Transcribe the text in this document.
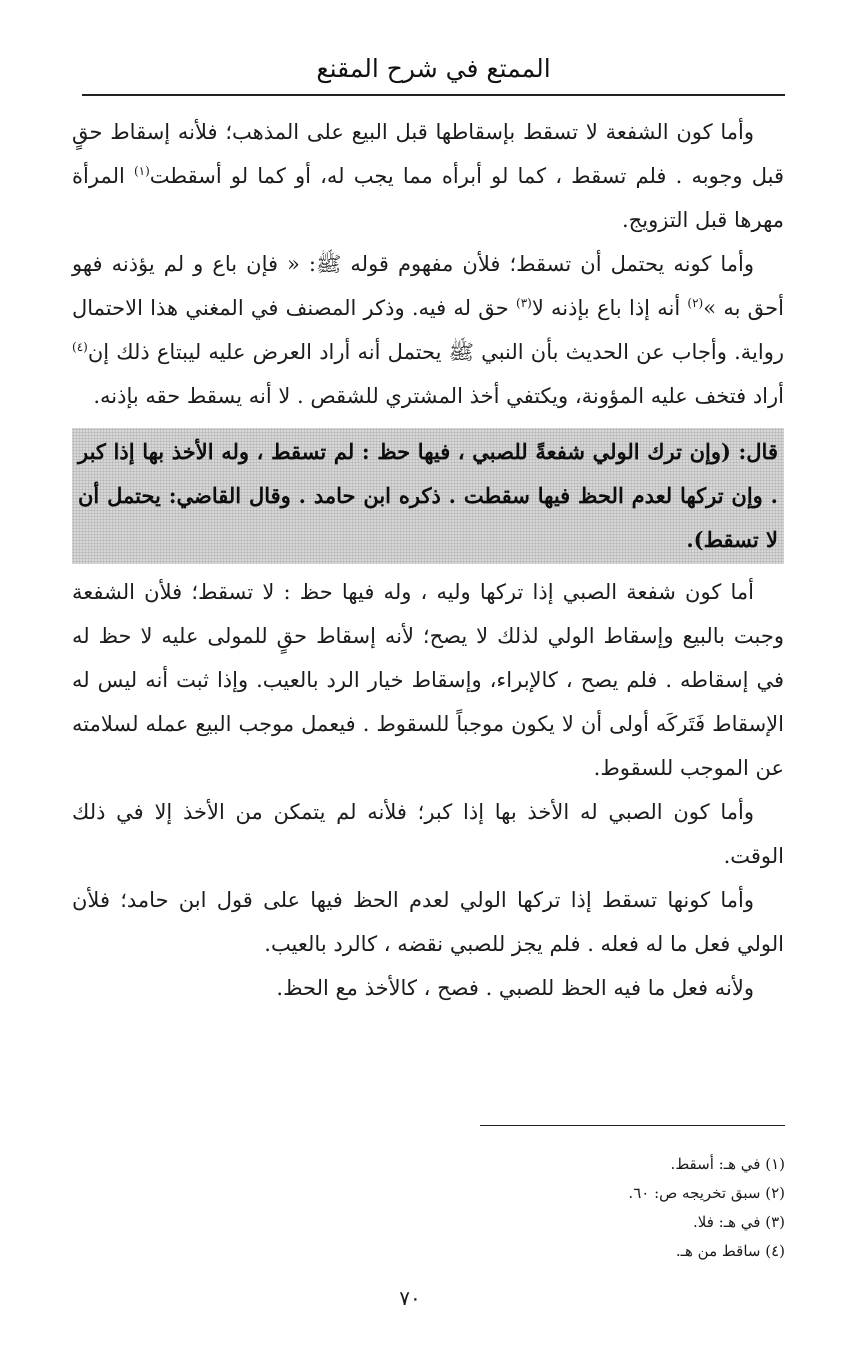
الممتع في شرح المقنع

وأما كون الشفعة لا تسقط بإسقاطها قبل البيع على المذهب؛ فلأنه إسقاط حقٍ قبل وجوبه . فلم تسقط ، كما لو أبرأه مما يجب له، أو كما لو أسقطت$^{(١)}$ المرأة مهرها قبل التزويج.

وأما كونه يحتمل أن تسقط؛ فلأن مفهوم قوله ﷺ: « فإن باع و لم يؤذنه فهو أحق به »$^{(٢)}$ أنه إذا باع بإذنه لا$^{(٣)}$ حق له فيه. وذكر المصنف في المغني هذا الاحتمال رواية. وأجاب عن الحديث بأن النبي ﷺ يحتمل أنه أراد العرض عليه ليبتاع ذلك إن$^{(٤)}$ أراد فتخف عليه المؤونة، ويكتفي أخذ المشتري للشقص . لا أنه يسقط حقه بإذنه.

قال: (وإن ترك الولي شفعةً للصبي ، فيها حظ : لم تسقط ، وله الأخذ بها إذا كبر . وإن تركها لعدم الحظ فيها سقطت . ذكره ابن حامد . وقال القاضي: يحتمل أن لا تسقط).

أما كون شفعة الصبي إذا تركها وليه ، وله فيها حظ : لا تسقط؛ فلأن الشفعة وجبت بالبيع وإسقاط الولي لذلك لا يصح؛ لأنه إسقاط حقٍ للمولى عليه لا حظ له في إسقاطه . فلم يصح ، كالإبراء، وإسقاط خيار الرد بالعيب. وإذا ثبت أنه ليس له الإسقاط فَتَركَه أولى أن لا يكون موجباً للسقوط . فيعمل موجب البيع عمله لسلامته عن الموجب للسقوط.

وأما كون الصبي له الأخذ بها إذا كبر؛ فلأنه لم يتمكن من الأخذ إلا في ذلك الوقت.

وأما كونها تسقط إذا تركها الولي لعدم الحظ فيها على قول ابن حامد؛ فلأن الولي فعل ما له فعله . فلم يجز للصبي نقضه ، كالرد بالعيب.

ولأنه فعل ما فيه الحظ للصبي . فصح ، كالأخذ مع الحظ.

(١) في هـ: أسقط.

(٢) سبق تخريجه ص: ٦٠.

(٣) في هـ: فلا.

(٤) ساقط من هـ.

٧٠
